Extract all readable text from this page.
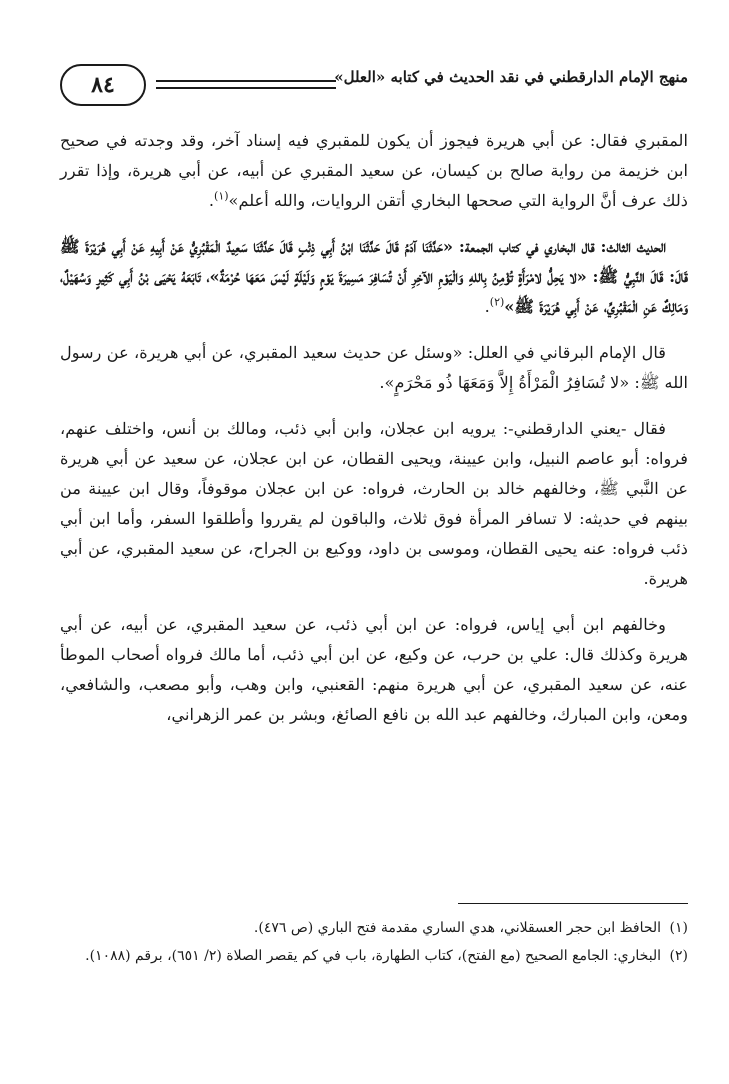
٨٤	منهج الإمام الدارقطني في نقد الحديث في كتابه «العلل»

المقبري فقال: عن أبي هريرة فيجوز أن يكون للمقبري فيه إسناد آخر، وقد وجدته في صحيح ابن خزيمة من رواية صالح بن كيسان، عن سعيد المقبري عن أبيه، عن أبي هريرة، وإذا تقرر ذلك عرف أنَّ الرواية التي صححها البخاري أتقن الروايات، والله أعلم»$^{(١)}$.

الحديث الثالث: قال البخاري في كتاب الجمعة: «حَدَّثَنَا آدَمُ قَالَ حَدَّثَنَا ابْنُ أَبِي ذِئْبٍ قَالَ حَدَّثَنَا سَعِيدٌ الْمَقْبُرِيُّ عَنْ أَبِيهِ عَنْ أَبِي هُرَيْرَةَ ﷺ قَالَ: قَالَ النَّبِيُّ ﷺ: «لا يَحِلُّ لامْرَأَةٍ تُؤْمِنُ بِاللهِ وَالْيَوْمِ الآخِرِ أَنْ تُسَافِرَ مَسِيرَةَ يَوْمٍ وَلَيْلَةٍ لَيْسَ مَعَهَا حُرْمَةٌ»، تَابَعَهُ يَحْيَى بْنُ أَبِي كَثِيرٍ وَسُهَيْلٌ، وَمَالِكٌ عَنِ الْمَقْبُرِيِّ، عَنْ أَبِي هُرَيْرَةَ ﷺ»$^{(٢)}$.

قال الإمام البرقاني في العلل: «وسئل عن حديث سعيد المقبري، عن أبي هريرة، عن رسول الله ﷺ: «لا تُسَافِرُ الْمَرْأَةُ إِلاَّ وَمَعَهَا ذُو مَحْرَمٍ».

فقال -يعني الدارقطني-: يرويه ابن عجلان، وابن أبي ذئب، ومالك بن أنس، واختلف عنهم، فرواه: أبو عاصم النبيل، وابن عيينة، ويحيى القطان، عن ابن عجلان، عن سعيد عن أبي هريرة عن النَّبي ﷺ، وخالفهم خالد بن الحارث، فرواه: عن ابن عجلان موقوفاً، وقال ابن عيينة من بينهم في حديثه: لا تسافر المرأة فوق ثلاث، والباقون لم يقرروا وأطلقوا السفر، وأما ابن أبي ذئب فرواه: عنه يحيى القطان، وموسى بن داود، ووكيع بن الجراح، عن سعيد المقبري، عن أبي هريرة.

وخالفهم ابن أبي إياس، فرواه: عن ابن أبي ذئب، عن سعيد المقبري، عن أبيه، عن أبي هريرة وكذلك قال: علي بن حرب، عن وكيع، عن ابن أبي ذئب، أما مالك فرواه أصحاب الموطأ عنه، عن سعيد المقبري، عن أبي هريرة منهم: القعنبي، وابن وهب، وأبو مصعب، والشافعي، ومعن، وابن المبارك، وخالفهم عبد الله بن نافع الصائغ، وبشر بن عمر الزهراني،

(١) الحافظ ابن حجر العسقلاني، هدي الساري مقدمة فتح الباري (ص ٤٧٦).

(٢) البخاري: الجامع الصحيح (مع الفتح)، كتاب الطهارة، باب في كم يقصر الصلاة (٢/ ٦٥١)، برقم (١٠٨٨).
